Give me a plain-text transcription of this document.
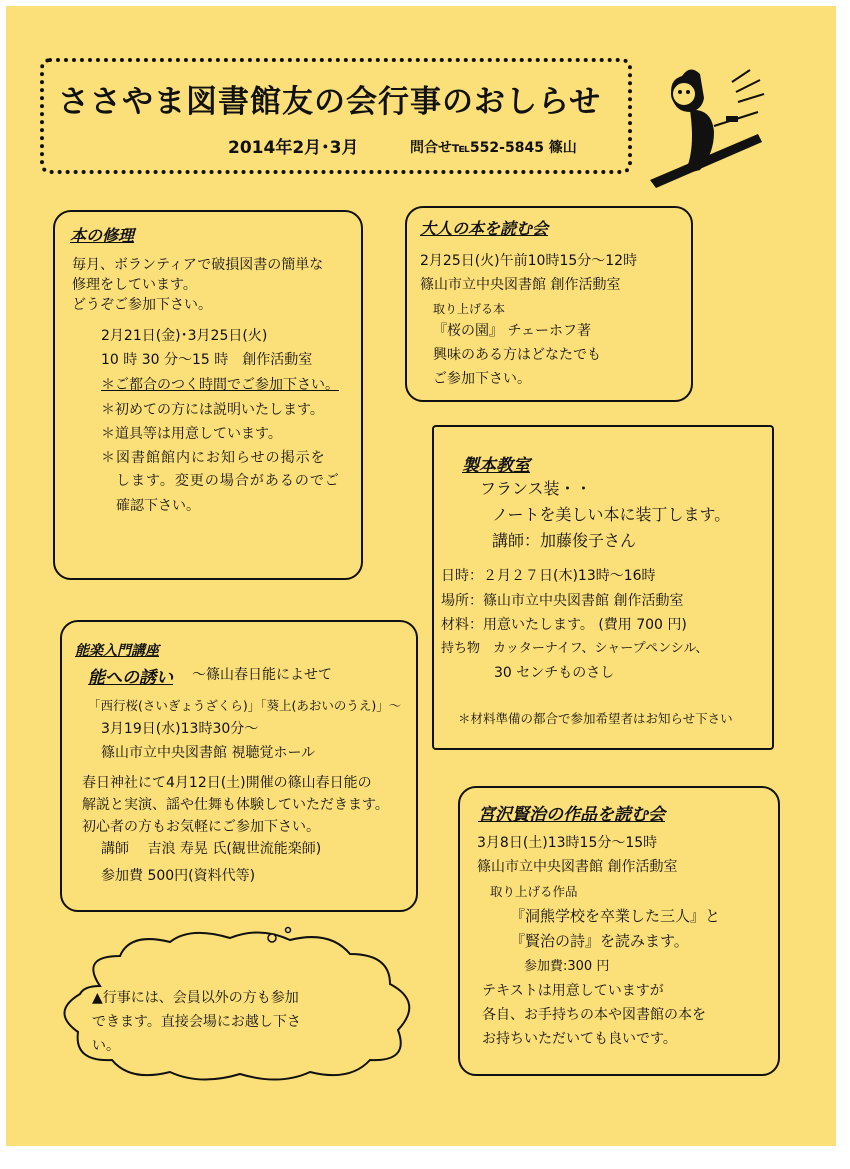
ささやま図書館友の会行事のおしらせ
2014年2月･3月	問合せ℡552-5845 篠山
本の修理
毎月、ボランティアで破損図書の簡単な
修理をしています。
どうぞご参加下さい。
2月21日(金)･3月25日(火)
10 時 30 分～15 時　創作活動室
＊ご都合のつく時間でご参加下さい。
＊初めての方には説明いたします。
＊道具等は用意しています。
＊図書館館内にお知らせの掲示を
します。変更の場合があるのでご
確認下さい。
大人の本を読む会
2月25日(火)午前10時15分～12時
篠山市立中央図書館 創作活動室
取り上げる本
『桜の園』 チェーホフ著
興味のある方はどなたでも
ご参加下さい。
製本教室
フランス装・・
ノートを美しい本に装丁します。
講師：加藤俊子さん
日時：２月２７日(木)13時～16時
場所：篠山市立中央図書館 創作活動室
材料：用意いたします。 (費用 700 円)
持ち物　カッターナイフ、シャープペンシル、
30 センチものさし
＊材料準備の都合で参加希望者はお知らせ下さい
能楽入門講座
能への誘い ～篠山春日能によせて
「西行桜(さいぎょうざくら)」「葵上(あおいのうえ)」～
3月19日(水)13時30分～
篠山市立中央図書館 視聴覚ホール
春日神社にて4月12日(土)開催の篠山春日能の
解説と実演、謡や仕舞も体験していただきます。
初心者の方もお気軽にご参加下さい。
講師　 吉浪 寿晃 氏(観世流能楽師)
参加費 500円(資料代等)
宮沢賢治の作品を読む会
3月8日(土)13時15分～15時
篠山市立中央図書館 創作活動室
取り上げる作品
『洞熊学校を卒業した三人』と
『賢治の詩』を読みます。
参加費:300 円
テキストは用意していますが
各自、お手持ちの本や図書館の本を
お持ちいただいても良いです。
▲行事には、会員以外の方も参加
できます。直接会場にお越し下さ
い。
